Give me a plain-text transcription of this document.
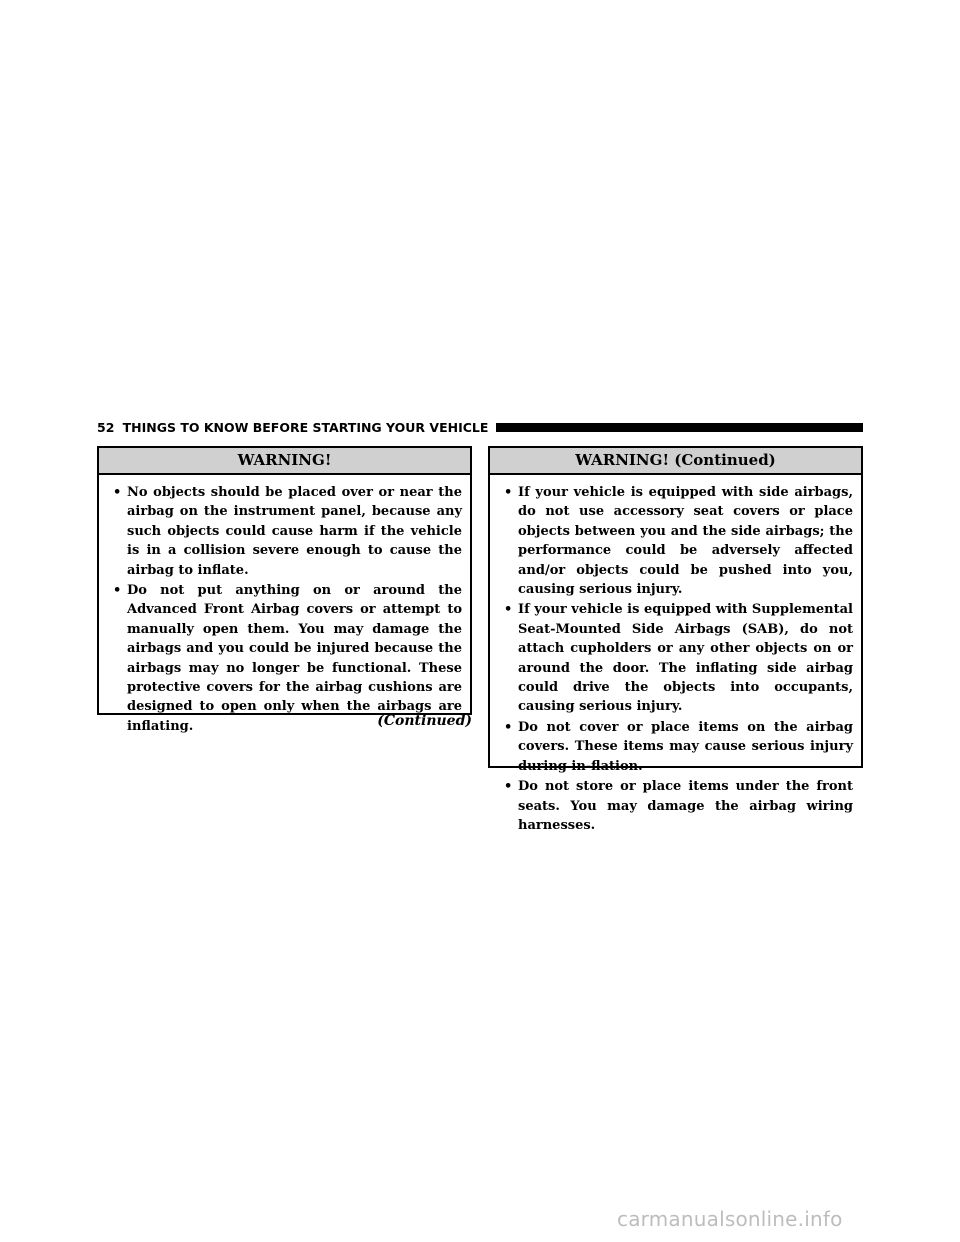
52 THINGS TO KNOW BEFORE STARTING YOUR VEHICLE
WARNING!
• No objects should be placed over or near the airbag on the instrument panel, because any such objects could cause harm if the vehicle is in a collision severe enough to cause the airbag to inflate.
• Do not put anything on or around the Advanced Front Airbag covers or attempt to manually open them. You may damage the airbags and you could be injured because the airbags may no longer be functional. These protective covers for the airbag cushions are designed to open only when the airbags are inflating.	(Continued)
WARNING! (Continued)
• If your vehicle is equipped with side airbags, do not use accessory seat covers or place objects between you and the side airbags; the performance could be adversely affected and/or objects could be pushed into you, causing serious injury.
• If your vehicle is equipped with Supplemental Seat-Mounted Side Airbags (SAB), do not attach cupholders or any other objects on or around the door. The inflating side airbag could drive the objects into occupants, causing serious injury.
• Do not cover or place items on the airbag covers. These items may cause serious injury during in-flation.
• Do not store or place items under the front seats. You may damage the airbag wiring harnesses.
carmanualsonline.info
